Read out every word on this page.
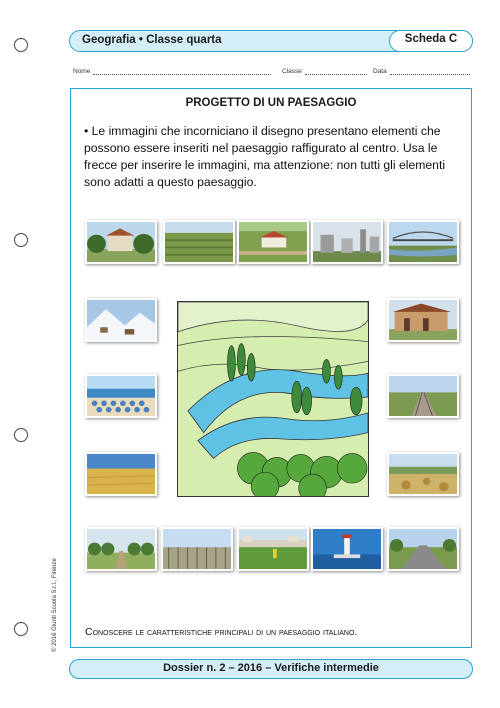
Geografia • Classe quarta	Scheda C
Nome	Classe	Data
PROGETTO DI UN PAESAGGIO
• Le immagini che incorniciano il disegno presentano elementi che possono essere inseriti nel paesaggio raffigurato al centro. Usa le frecce per inserire le immagini, ma attenzione: non tutti gli elementi sono adatti a questo paesaggio.
Conoscere le caratteristiche principali di un paesaggio italiano.
© 2016 Giunti Scuola S.r.l., Firenze
Dossier n. 2 – 2016 – Verifiche intermedie
